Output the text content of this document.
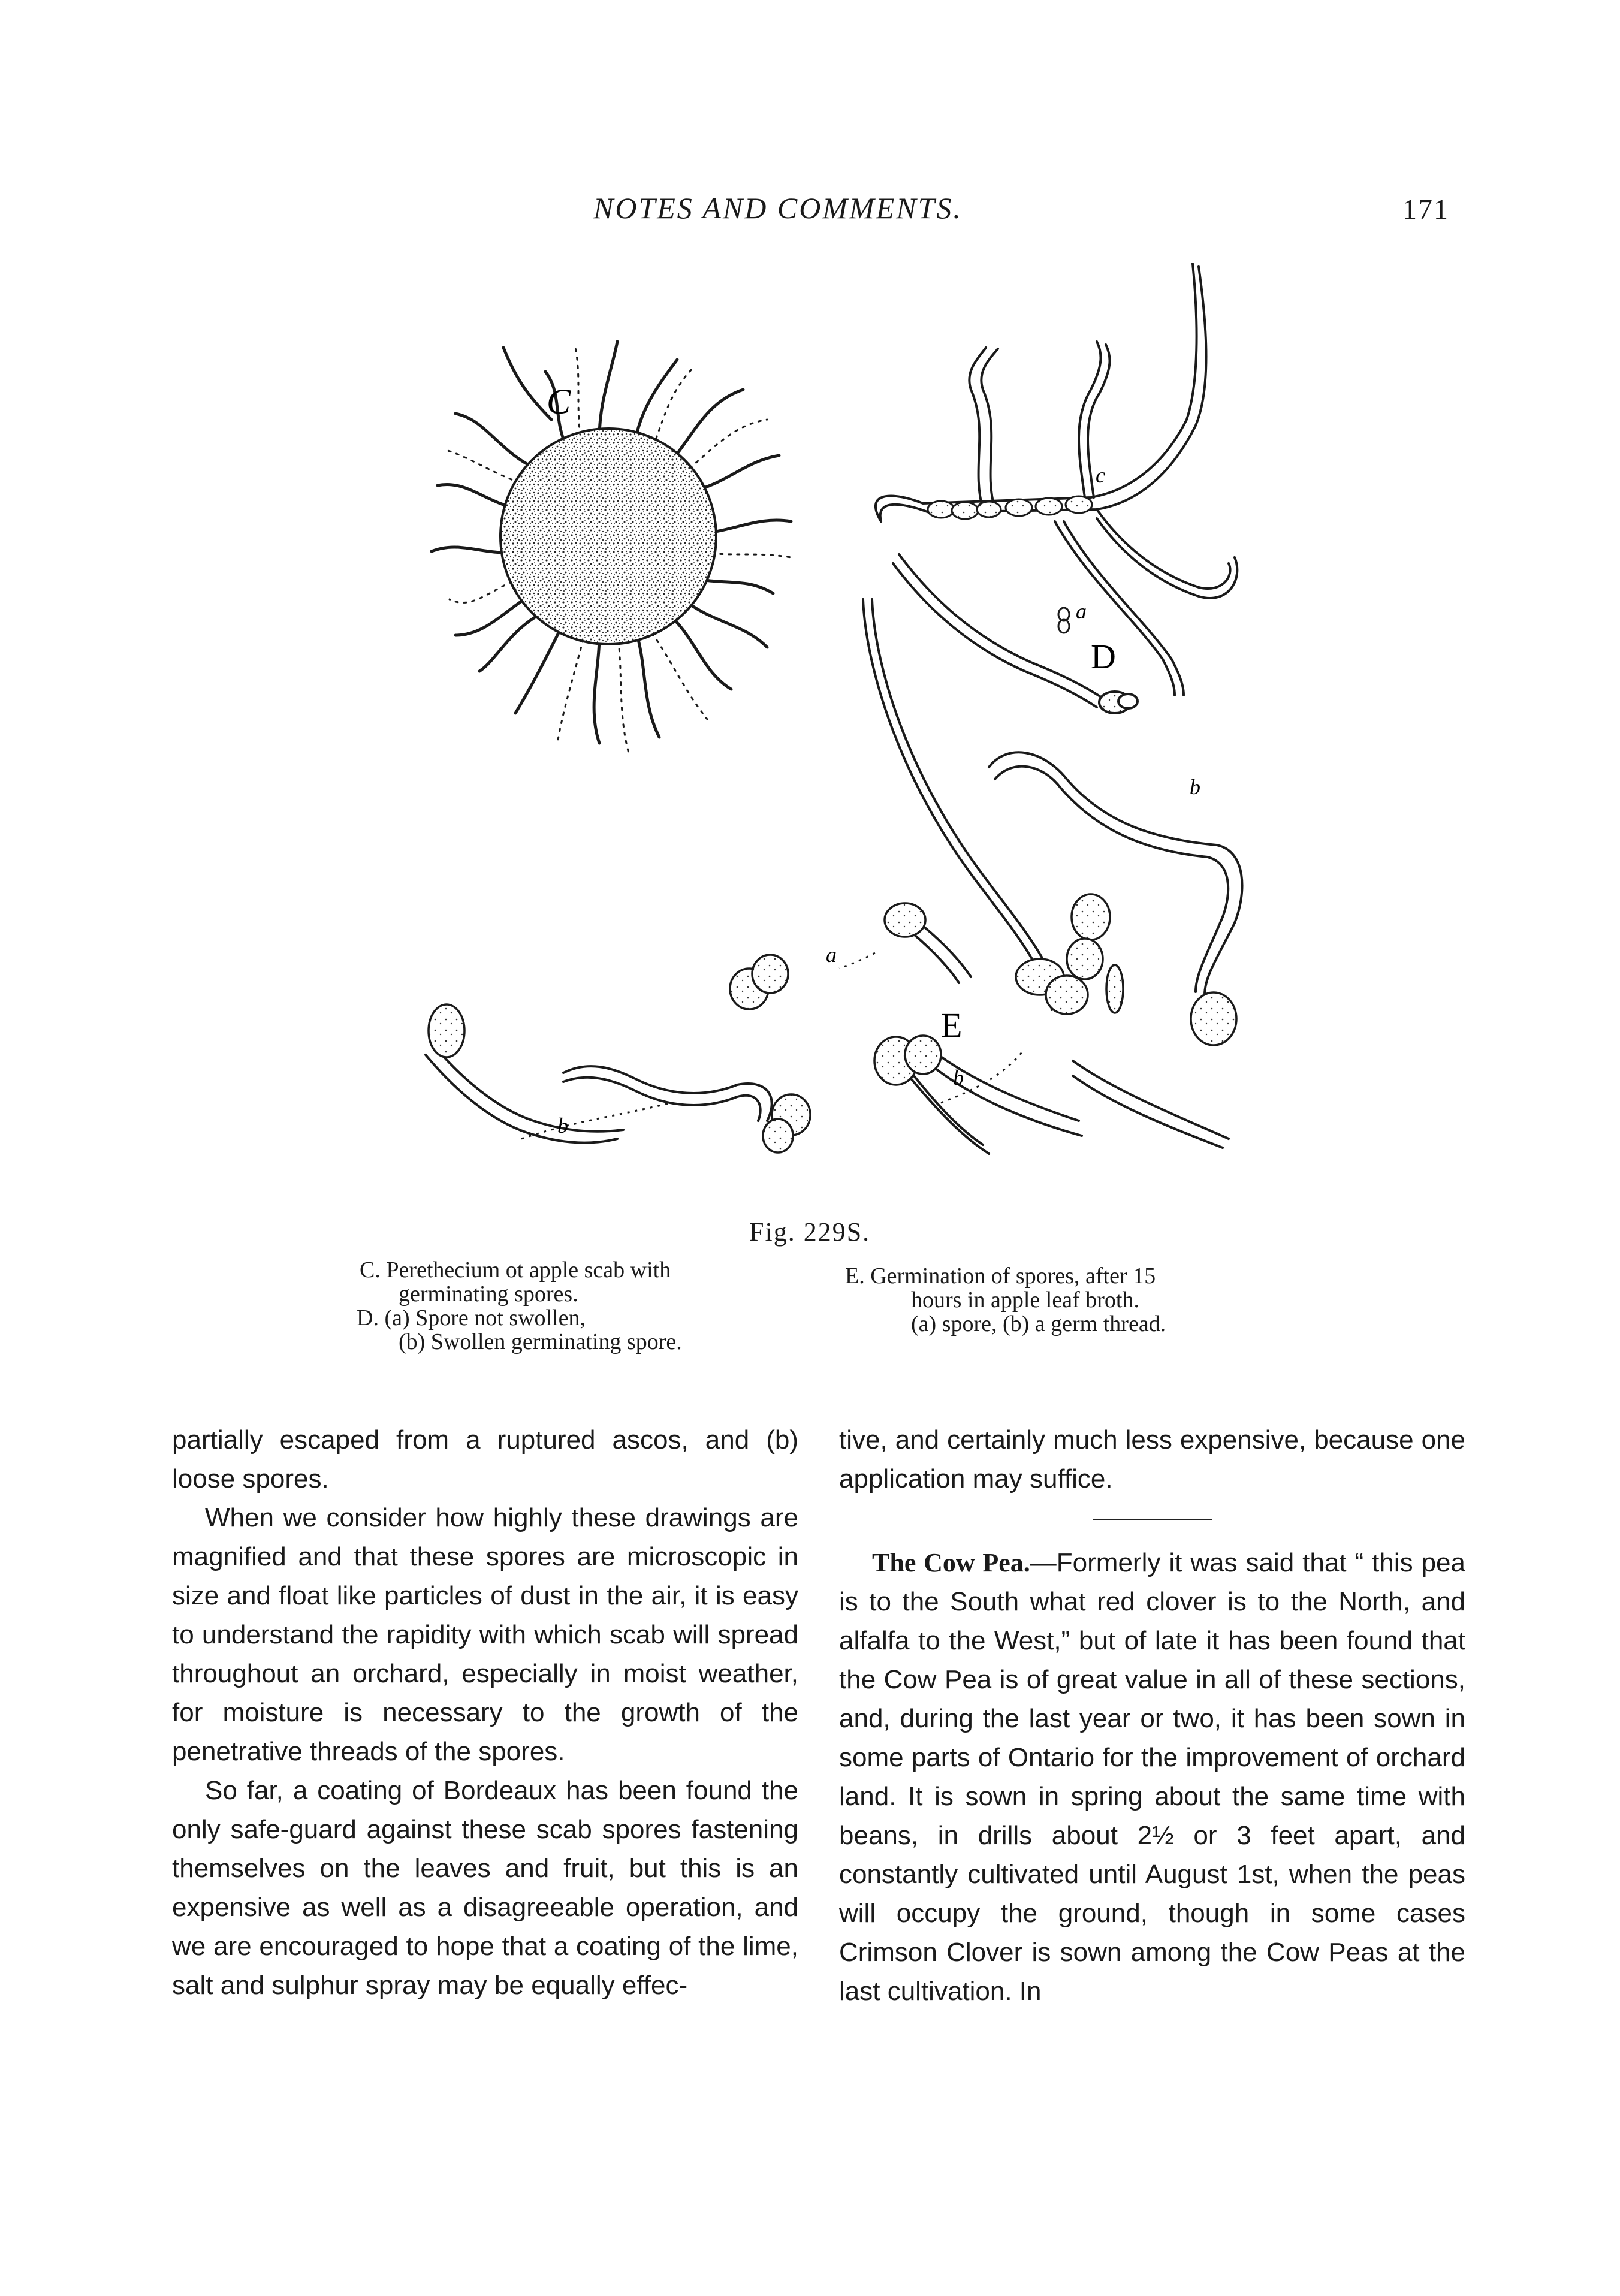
NOTES AND COMMENTS.	171
C
D
E
c
a
b
a
b
b
Fig. 229S.
C. Perethecium ot apple scab with
germinating spores.
D. (a) Spore not swollen,
(b) Swollen germinating spore.
E. Germination of spores, after 15
hours in apple leaf broth.
(a) spore, (b) a germ thread.

partially escaped from a ruptured ascos, and (b) loose spores.

When we consider how highly these drawings are magnified and that these spores are microscopic in size and float like particles of dust in the air, it is easy to understand the rapidity with which scab will spread throughout an orchard, especially in moist weather, for moisture is necessary to the growth of the penetrative threads of the spores.

So far, a coating of Bordeaux has been found the only safe-guard against these scab spores fastening themselves on the leaves and fruit, but this is an expensive as well as a disagreeable operation, and we are encouraged to hope that a coating of the lime, salt and sulphur spray may be equally effec-

tive, and certainly much less expensive, because one application may suffice.

The Cow Pea.—Formerly it was said that “ this pea is to the South what red clover is to the North, and alfalfa to the West,” but of late it has been found that the Cow Pea is of great value in all of these sections, and, during the last year or two, it has been sown in some parts of Ontario for the improvement of orchard land. It is sown in spring about the same time with beans, in drills about 2½ or 3 feet apart, and constantly cultivated until August 1st, when the peas will occupy the ground, though in some cases Crimson Clover is sown among the Cow Peas at the last cultivation. In
